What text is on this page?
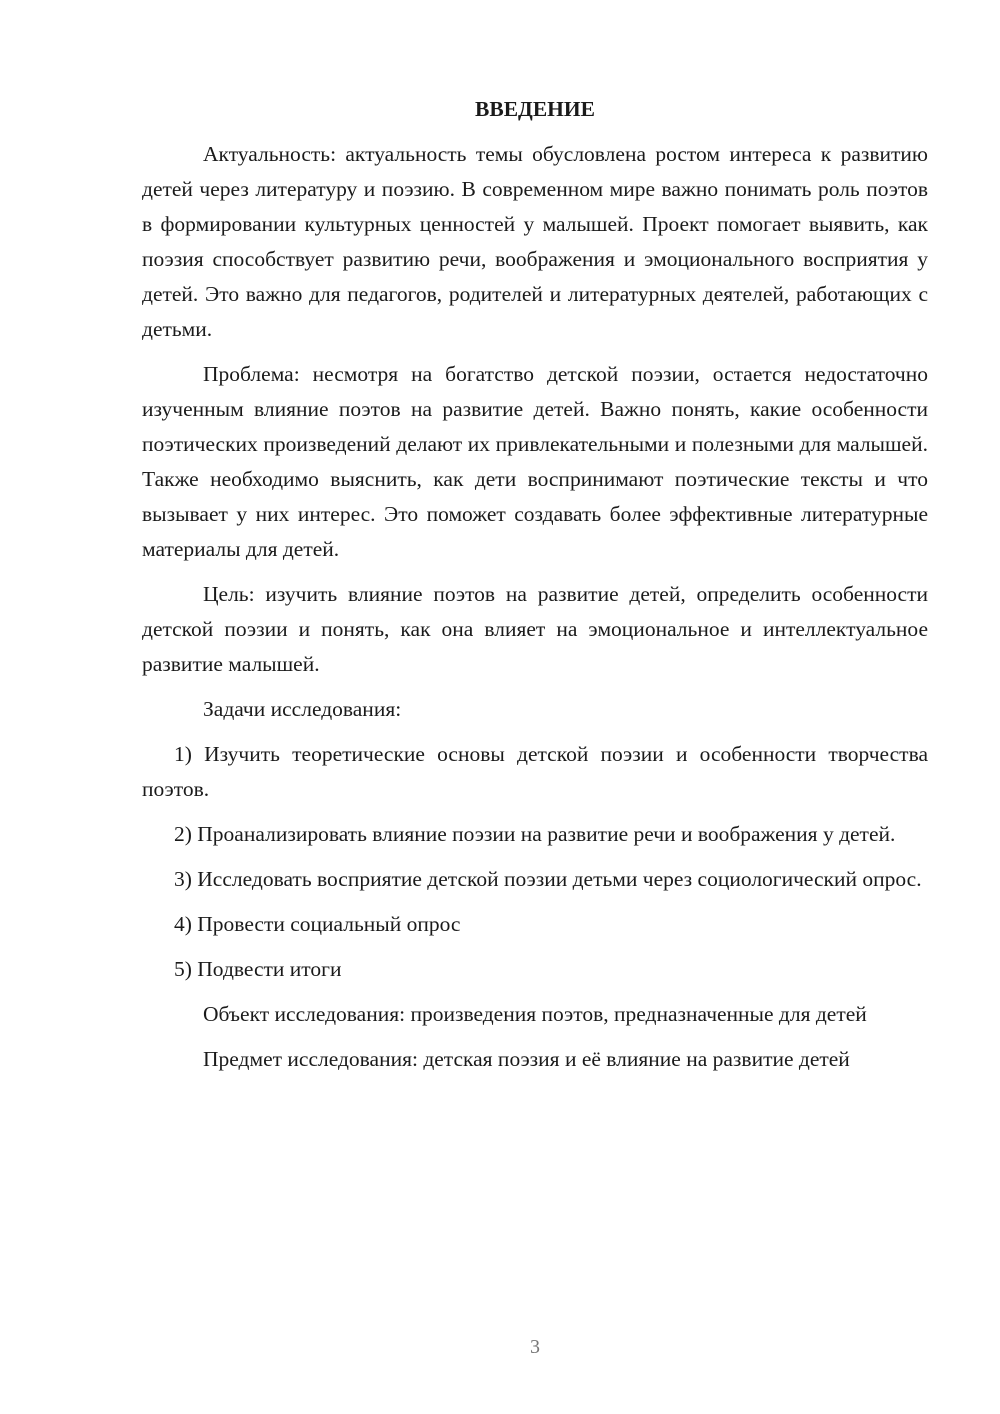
ВВЕДЕНИЕ

Актуальность: актуальность темы обусловлена ростом интереса к развитию детей через литературу и поэзию. В современном мире важно понимать роль поэтов в формировании культурных ценностей у малышей. Проект помогает выявить, как поэзия способствует развитию речи, воображения и эмоционального восприятия у детей. Это важно для педагогов, родителей и литературных деятелей, работающих с детьми.

Проблема: несмотря на богатство детской поэзии, остается недостаточно изученным влияние поэтов на развитие детей. Важно понять, какие особенности поэтических произведений делают их привлекательными и полезными для малышей. Также необходимо выяснить, как дети воспринимают поэтические тексты и что вызывает у них интерес. Это поможет создавать более эффективные литературные материалы для детей.

Цель: изучить влияние поэтов на развитие детей, определить особенности детской поэзии и понять, как она влияет на эмоциональное и интеллектуальное развитие малышей.

Задачи исследования:

1) Изучить теоретические основы детской поэзии и особенности творчества поэтов.

2) Проанализировать влияние поэзии на развитие речи и воображения у детей.

3) Исследовать восприятие детской поэзии детьми через социологический опрос.

4) Провести социальный опрос

5) Подвести итоги

Объект исследования: произведения поэтов, предназначенные для детей

Предмет исследования: детская поэзия и её влияние на развитие детей

3
